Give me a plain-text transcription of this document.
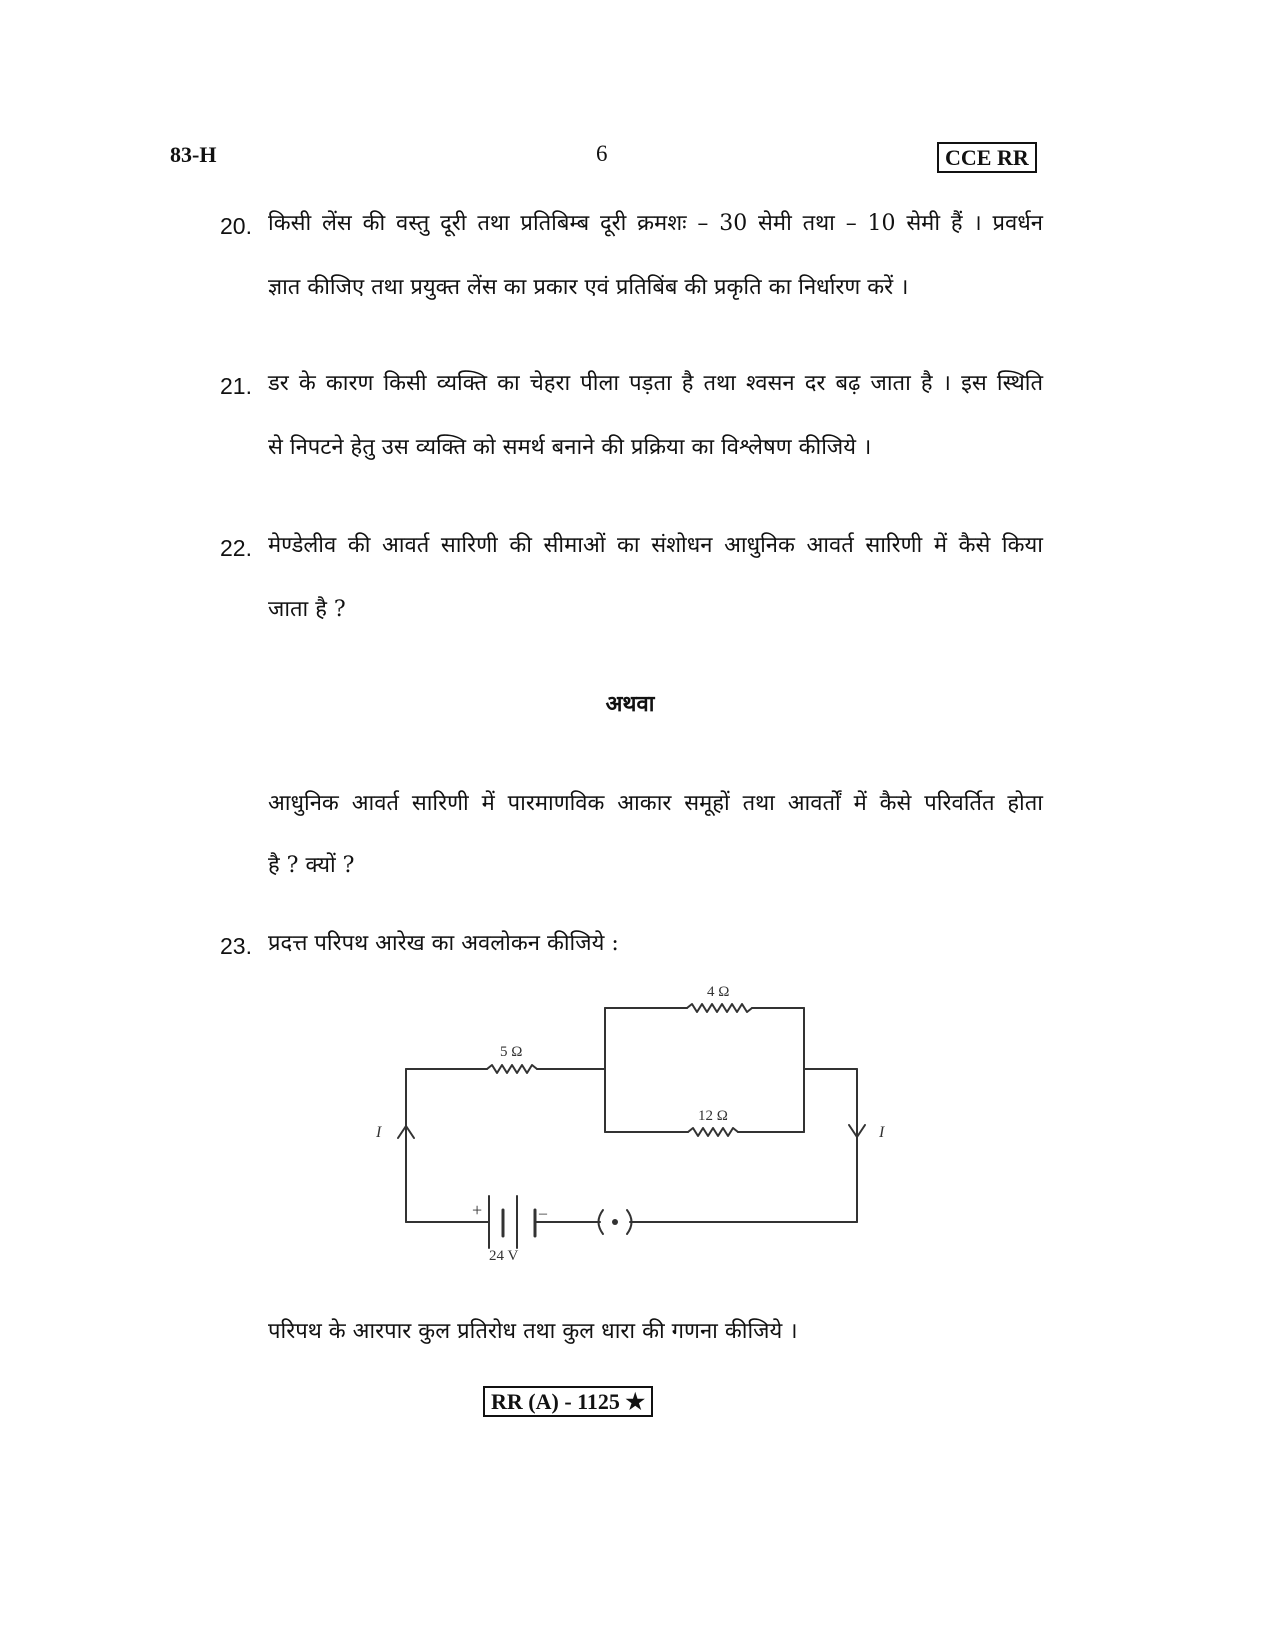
83-H	6	CCE RR
20. किसी लेंस की वस्तु दूरी तथा प्रतिबिम्ब दूरी क्रमशः – 30 सेमी तथा – 10 सेमी हैं । प्रवर्धन
ज्ञात कीजिए तथा प्रयुक्त लेंस का प्रकार एवं प्रतिबिंब की प्रकृति का निर्धारण करें ।
21. डर के कारण किसी व्यक्ति का चेहरा पीला पड़ता है तथा श्वसन दर बढ़ जाता है । इस स्थिति
से निपटने हेतु उस व्यक्ति को समर्थ बनाने की प्रक्रिया का विश्लेषण कीजिये ।
22. मेण्डेलीव की आवर्त सारिणी की सीमाओं का संशोधन आधुनिक आवर्त सारिणी में कैसे किया
जाता है ?
अथवा
आधुनिक आवर्त सारिणी में पारमाणविक आकार समूहों तथा आवर्तों में कैसे परिवर्तित होता
है ? क्यों ?
23. प्रदत्त परिपथ आरेख का अवलोकन कीजिये :
4 Ω
5 Ω
12 Ω
I	I
+	–
24 V
परिपथ के आरपार कुल प्रतिरोध तथा कुल धारा की गणना कीजिये ।
RR (A) - 1125 ★
